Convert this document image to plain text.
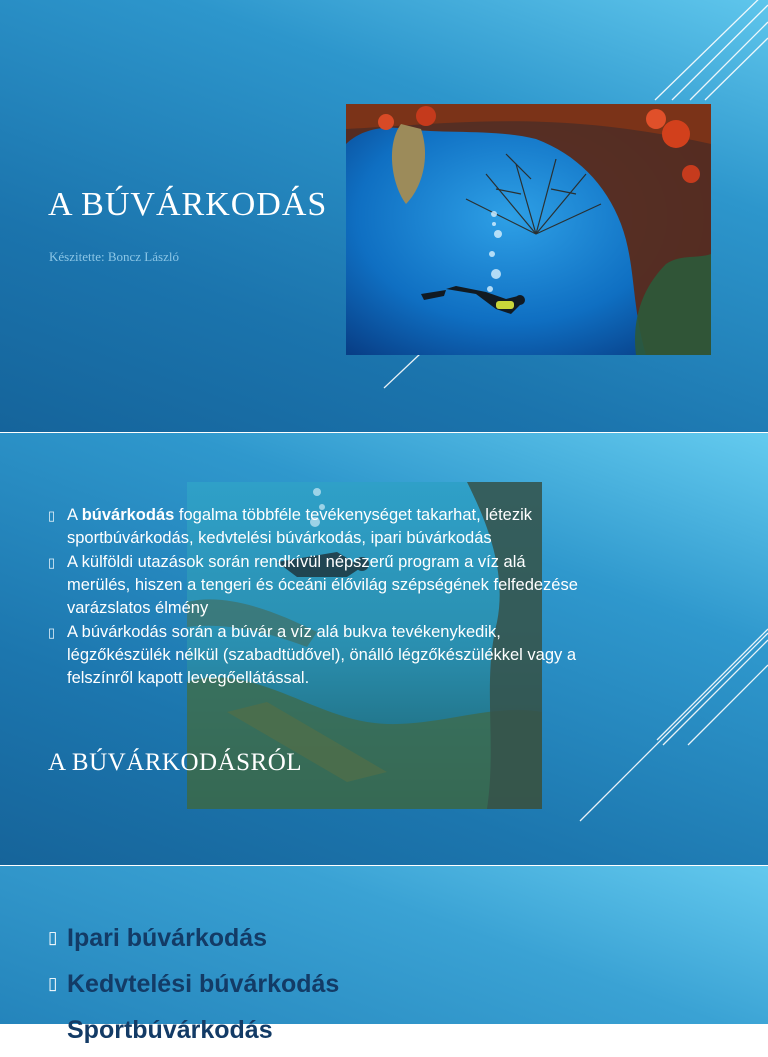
A BÚVÁRKODÁS
Készitette: Boncz László
▯ A búvárkodás fogalma többféle tevékenységet takarhat, létezik sportbúvárkodás, kedvtelési búvárkodás, ipari búvárkodás
▯ A külföldi utazások során rendkívül népszerű program a víz alá merülés, hiszen a tengeri és óceáni élővilág szépségének felfedezése varázslatos élmény
▯ A búvárkodás során a búvár a víz alá bukva tevékenykedik, légzőkészülék nélkül (szabadtüdővel), önálló légzőkészülékkel vagy a felszínről kapott levegőellátással.
A BÚVÁRKODÁSRÓL
▯ Ipari búvárkodás
▯ Kedvtelési búvárkodás
▯ Sportbúvárkodás
